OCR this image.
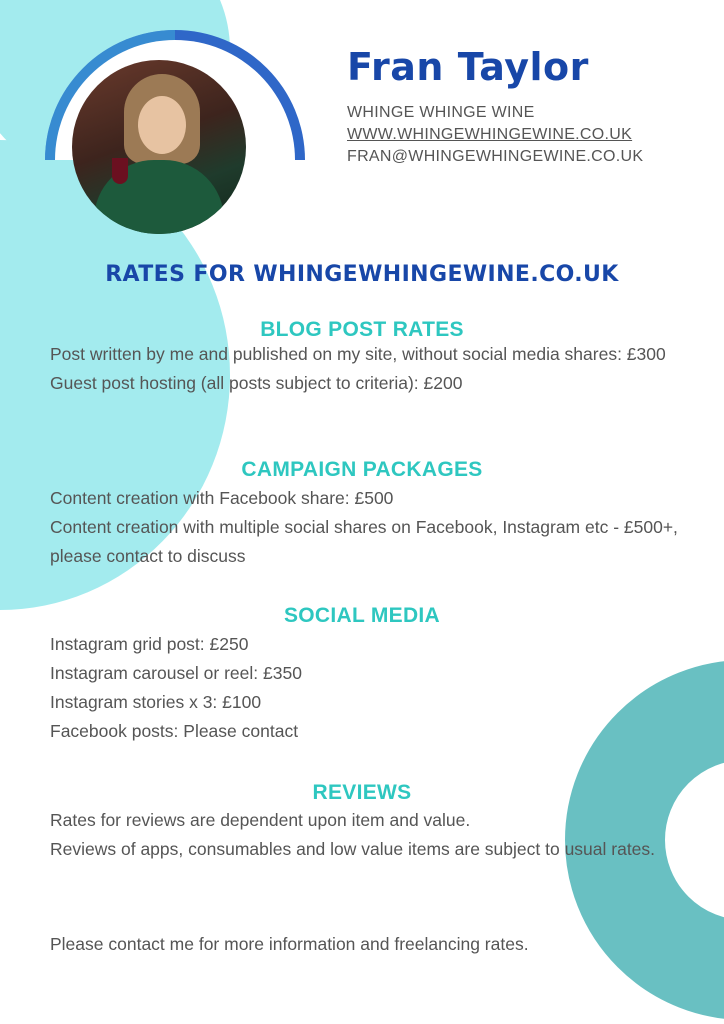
Fran Taylor

WHINGE WHINGE WINE

WWW.WHINGEWHINGEWINE.CO.UK

FRAN@WHINGEWHINGEWINE.CO.UK

RATES FOR WHINGEWHINGEWINE.CO.UK
BLOG POST RATES

Post written by me and published on my site, without social media shares: £300

Guest post hosting (all posts subject to criteria): £200

CAMPAIGN PACKAGES

Content creation with Facebook share: £500

Content creation with multiple social shares on Facebook, Instagram etc - £500+, please contact to discuss

SOCIAL MEDIA

Instagram grid post: £250

Instagram carousel or reel: £350

Instagram stories x 3: £100

Facebook posts: Please contact

REVIEWS

Rates for reviews are dependent upon item and value.

Reviews of apps, consumables and low value items are subject to usual rates.

Please contact me for more information and freelancing rates.
